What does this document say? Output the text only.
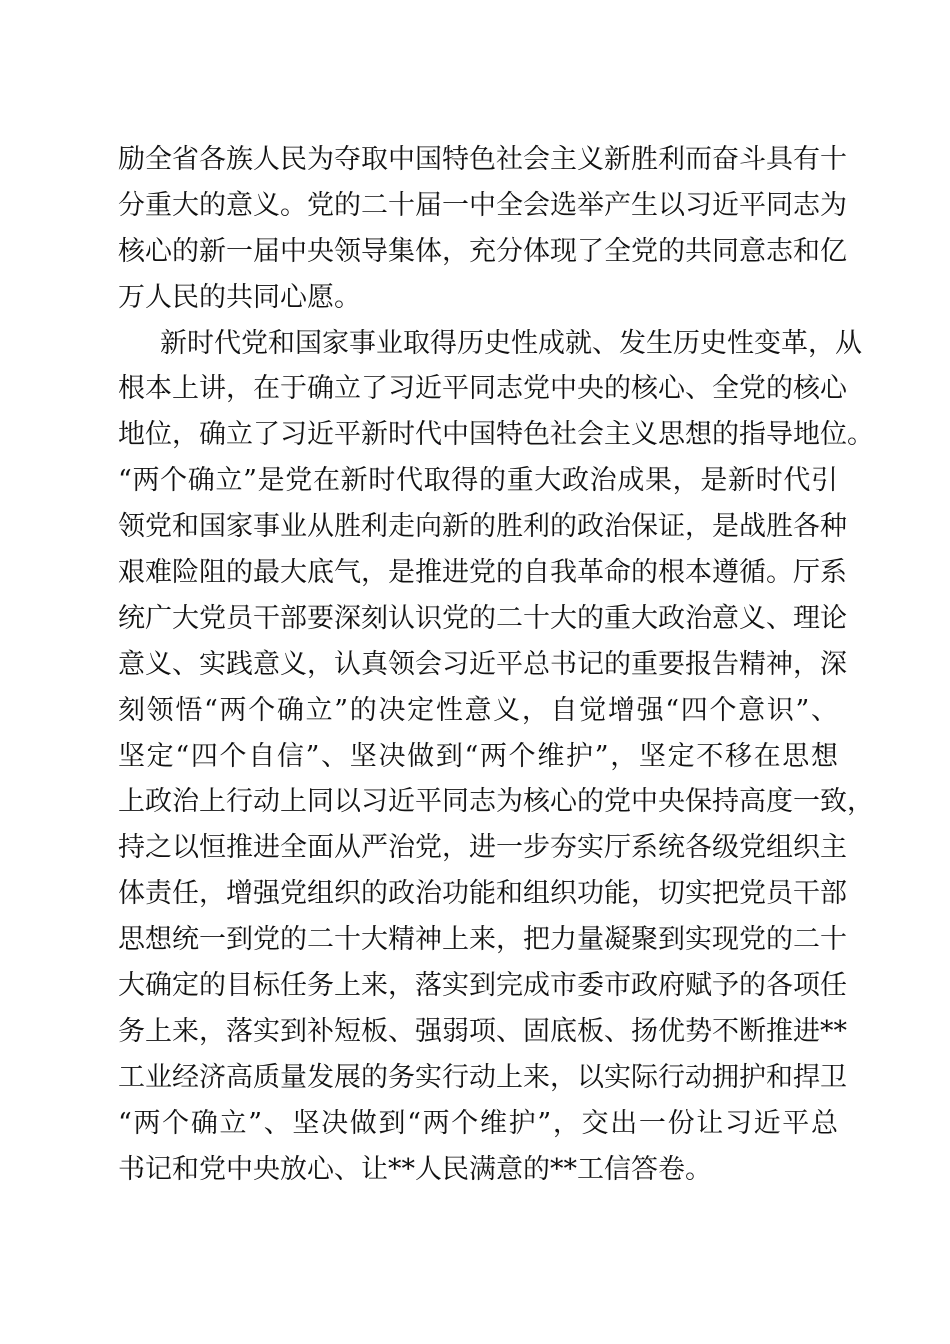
励全省各族人民为夺取中国特色社会主义新胜利而奋斗具有十
分重大的意义。党的二十届一中全会选举产生以习近平同志为
核心的新一届中央领导集体，充分体现了全党的共同意志和亿
万人民的共同心愿。
新时代党和国家事业取得历史性成就、发生历史性变革，从
根本上讲，在于确立了习近平同志党中央的核心、全党的核心
地位，确立了习近平新时代中国特色社会主义思想的指导地位。
“两个确立”是党在新时代取得的重大政治成果，是新时代引
领党和国家事业从胜利走向新的胜利的政治保证，是战胜各种
艰难险阻的最大底气，是推进党的自我革命的根本遵循。厅系
统广大党员干部要深刻认识党的二十大的重大政治意义、理论
意义、实践意义，认真领会习近平总书记的重要报告精神，深
刻领悟“两个确立”的决定性意义，自觉增强“四个意识”、
坚定“四个自信”、坚决做到“两个维护”，坚定不移在思想
上政治上行动上同以习近平同志为核心的党中央保持高度一致，
持之以恒推进全面从严治党，进一步夯实厅系统各级党组织主
体责任，增强党组织的政治功能和组织功能，切实把党员干部
思想统一到党的二十大精神上来，把力量凝聚到实现党的二十
大确定的目标任务上来，落实到完成市委市政府赋予的各项任
务上来，落实到补短板、强弱项、固底板、扬优势不断推进**
工业经济高质量发展的务实行动上来，以实际行动拥护和捍卫
“两个确立”、坚决做到“两个维护”，交出一份让习近平总
书记和党中央放心、让**人民满意的**工信答卷。
